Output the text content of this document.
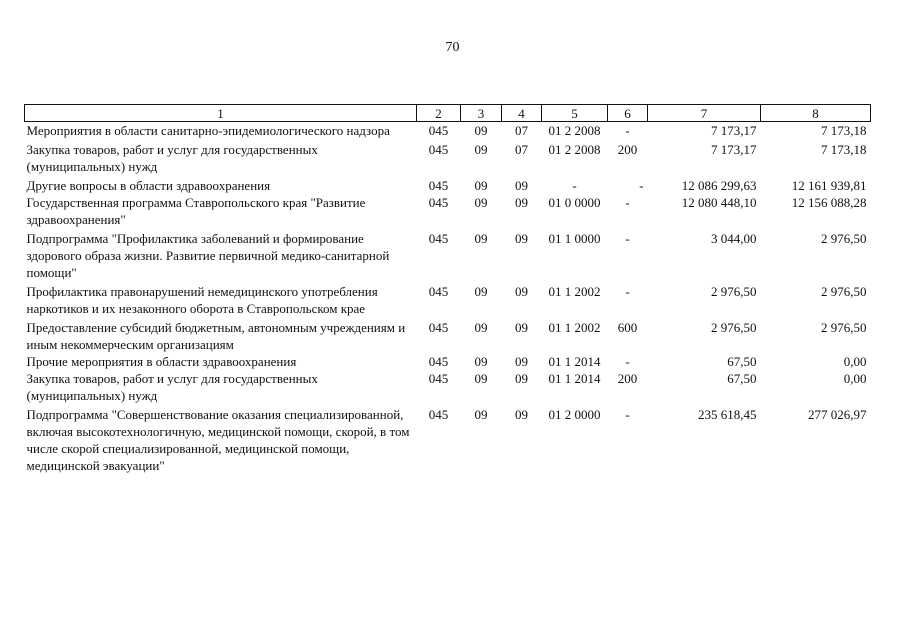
70
1	2	3	4	5	6	7	8
Мероприятия в области санитарно-эпидемиологического надзора	045	09	07	01 2 2008	-	7 173,17	7 173,18
Закупка товаров, работ и услуг для государственных (муниципальных) нужд	045	09	07	01 2 2008	200	7 173,17	7 173,18
Другие вопросы в области здравоохранения	045	09	09	-	-	12 086 299,63	12 161 939,81
Государственная программа Ставропольского края "Развитие здравоохранения"	045	09	09	01 0 0000	-	12 080 448,10	12 156 088,28
Подпрограмма "Профилактика заболеваний и формирование здорового образа жизни. Развитие первичной медико-санитарной помощи"	045	09	09	01 1 0000	-	3 044,00	2 976,50
Профилактика правонарушений немедицинского употребления наркотиков и их незаконного оборота в Ставропольском крае	045	09	09	01 1 2002	-	2 976,50	2 976,50
Предоставление субсидий бюджетным, автономным учреждениям и иным некоммерческим организациям	045	09	09	01 1 2002	600	2 976,50	2 976,50
Прочие мероприятия в области здравоохранения	045	09	09	01 1 2014	-	67,50	0,00
Закупка товаров, работ и услуг для государственных (муниципальных) нужд	045	09	09	01 1 2014	200	67,50	0,00
Подпрограмма "Совершенствование оказания специализированной, включая высокотехнологичную, медицинской помощи, скорой, в том числе скорой специализированной, медицинской помощи, медицинской эвакуации"	045	09	09	01 2 0000	-	235 618,45	277 026,97
